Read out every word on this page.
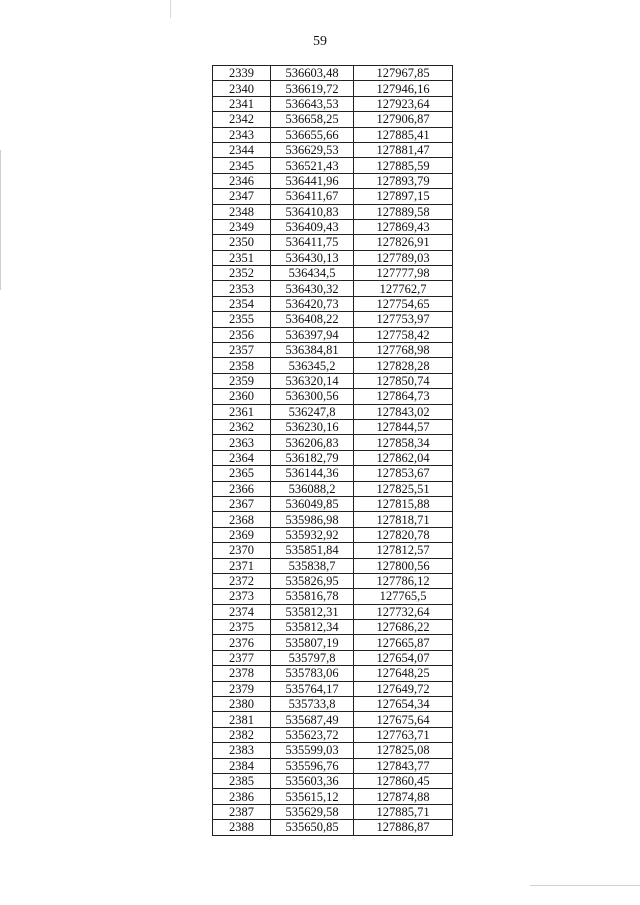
59
2339	536603,48	127967,85
2340	536619,72	127946,16
2341	536643,53	127923,64
2342	536658,25	127906,87
2343	536655,66	127885,41
2344	536629,53	127881,47
2345	536521,43	127885,59
2346	536441,96	127893,79
2347	536411,67	127897,15
2348	536410,83	127889,58
2349	536409,43	127869,43
2350	536411,75	127826,91
2351	536430,13	127789,03
2352	536434,5	127777,98
2353	536430,32	127762,7
2354	536420,73	127754,65
2355	536408,22	127753,97
2356	536397,94	127758,42
2357	536384,81	127768,98
2358	536345,2	127828,28
2359	536320,14	127850,74
2360	536300,56	127864,73
2361	536247,8	127843,02
2362	536230,16	127844,57
2363	536206,83	127858,34
2364	536182,79	127862,04
2365	536144,36	127853,67
2366	536088,2	127825,51
2367	536049,85	127815,88
2368	535986,98	127818,71
2369	535932,92	127820,78
2370	535851,84	127812,57
2371	535838,7	127800,56
2372	535826,95	127786,12
2373	535816,78	127765,5
2374	535812,31	127732,64
2375	535812,34	127686,22
2376	535807,19	127665,87
2377	535797,8	127654,07
2378	535783,06	127648,25
2379	535764,17	127649,72
2380	535733,8	127654,34
2381	535687,49	127675,64
2382	535623,72	127763,71
2383	535599,03	127825,08
2384	535596,76	127843,77
2385	535603,36	127860,45
2386	535615,12	127874,88
2387	535629,58	127885,71
2388	535650,85	127886,87
